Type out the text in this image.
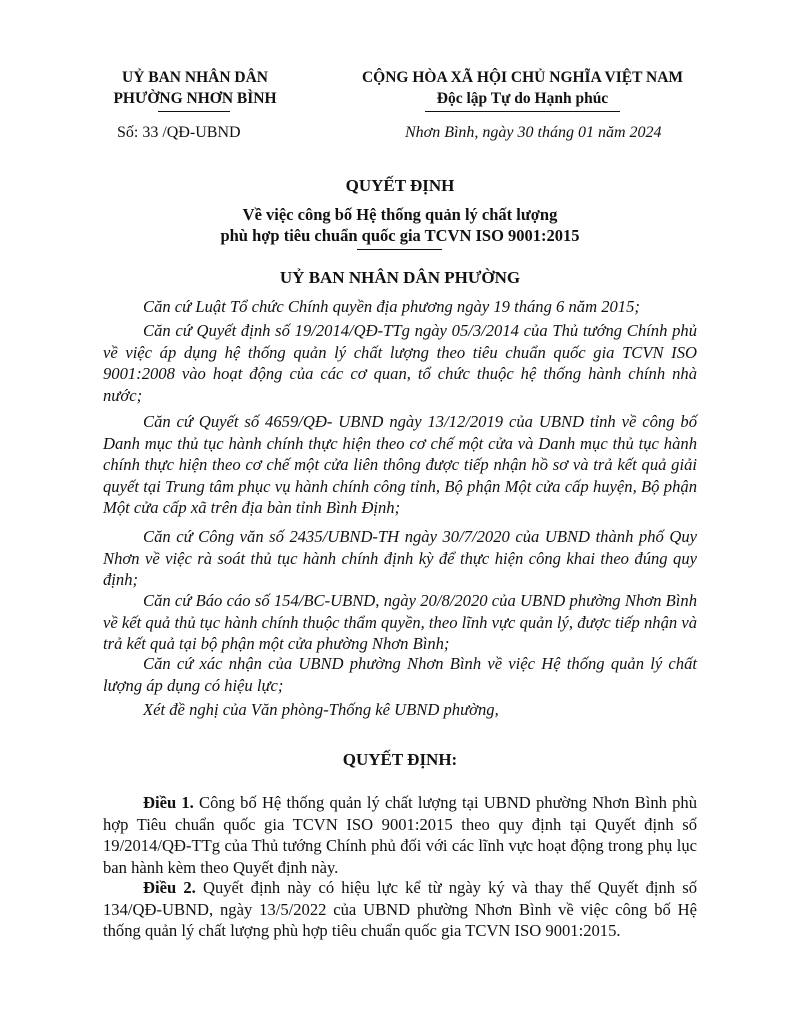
UỶ BAN NHÂN DÂN
PHƯỜNG NHƠN BÌNH
CỘNG HÒA XÃ HỘI CHỦ NGHĨA VIỆT NAM
Độc lập Tự do Hạnh phúc
Số: 33 /QĐ-UBND	Nhơn Bình, ngày 30 tháng 01 năm 2024
QUYẾT ĐỊNH
Về việc công bố Hệ thống quản lý chất lượng
phù hợp tiêu chuẩn quốc gia TCVN ISO 9001:2015
UỶ BAN NHÂN DÂN PHƯỜNG
Căn cứ Luật Tổ chức Chính quyền địa phương ngày 19 tháng 6 năm 2015;
Căn cứ Quyết định số 19/2014/QĐ-TTg ngày 05/3/2014 của Thủ tướng Chính phủ về việc áp dụng hệ thống quản lý chất lượng theo tiêu chuẩn quốc gia TCVN ISO 9001:2008 vào hoạt động của các cơ quan, tổ chức thuộc hệ thống hành chính nhà nước;
Căn cứ Quyết số 4659/QĐ- UBND ngày 13/12/2019 của UBND tỉnh về công bố Danh mục thủ tục hành chính thực hiện theo cơ chế một cửa và Danh mục thủ tục hành chính thực hiện theo cơ chế một cửa liên thông được tiếp nhận hồ sơ và trả kết quả giải quyết tại Trung tâm phục vụ hành chính công tỉnh, Bộ phận Một cửa cấp huyện, Bộ phận Một cửa cấp xã trên địa bàn tỉnh Bình Định;
Căn cứ Công văn số 2435/UBND-TH ngày 30/7/2020 của UBND thành phố Quy Nhơn về việc rà soát thủ tục hành chính định kỳ để thực hiện công khai theo đúng quy định;
Căn cứ Báo cáo số 154/BC-UBND, ngày 20/8/2020 của UBND phường Nhơn Bình về kết quả thủ tục hành chính thuộc thẩm quyền, theo lĩnh vực quản lý, được tiếp nhận và trả kết quả tại bộ phận một cửa phường Nhơn Bình;
Căn cứ xác nhận của UBND phường Nhơn Bình về việc Hệ thống quản lý chất lượng áp dụng có hiệu lực;
Xét đề nghị của Văn phòng-Thống kê UBND phường,
QUYẾT ĐỊNH:
Điều 1. Công bố Hệ thống quản lý chất lượng tại UBND phường Nhơn Bình phù hợp Tiêu chuẩn quốc gia TCVN ISO 9001:2015 theo quy định tại Quyết định số 19/2014/QĐ-TTg của Thủ tướng Chính phủ đối với các lĩnh vực hoạt động trong phụ lục ban hành kèm theo Quyết định này.
Điều 2. Quyết định này có hiệu lực kể từ ngày ký và thay thế Quyết định số 134/QĐ-UBND, ngày 13/5/2022 của UBND phường Nhơn Bình về việc công bố Hệ thống quản lý chất lượng phù hợp tiêu chuẩn quốc gia TCVN ISO 9001:2015.
